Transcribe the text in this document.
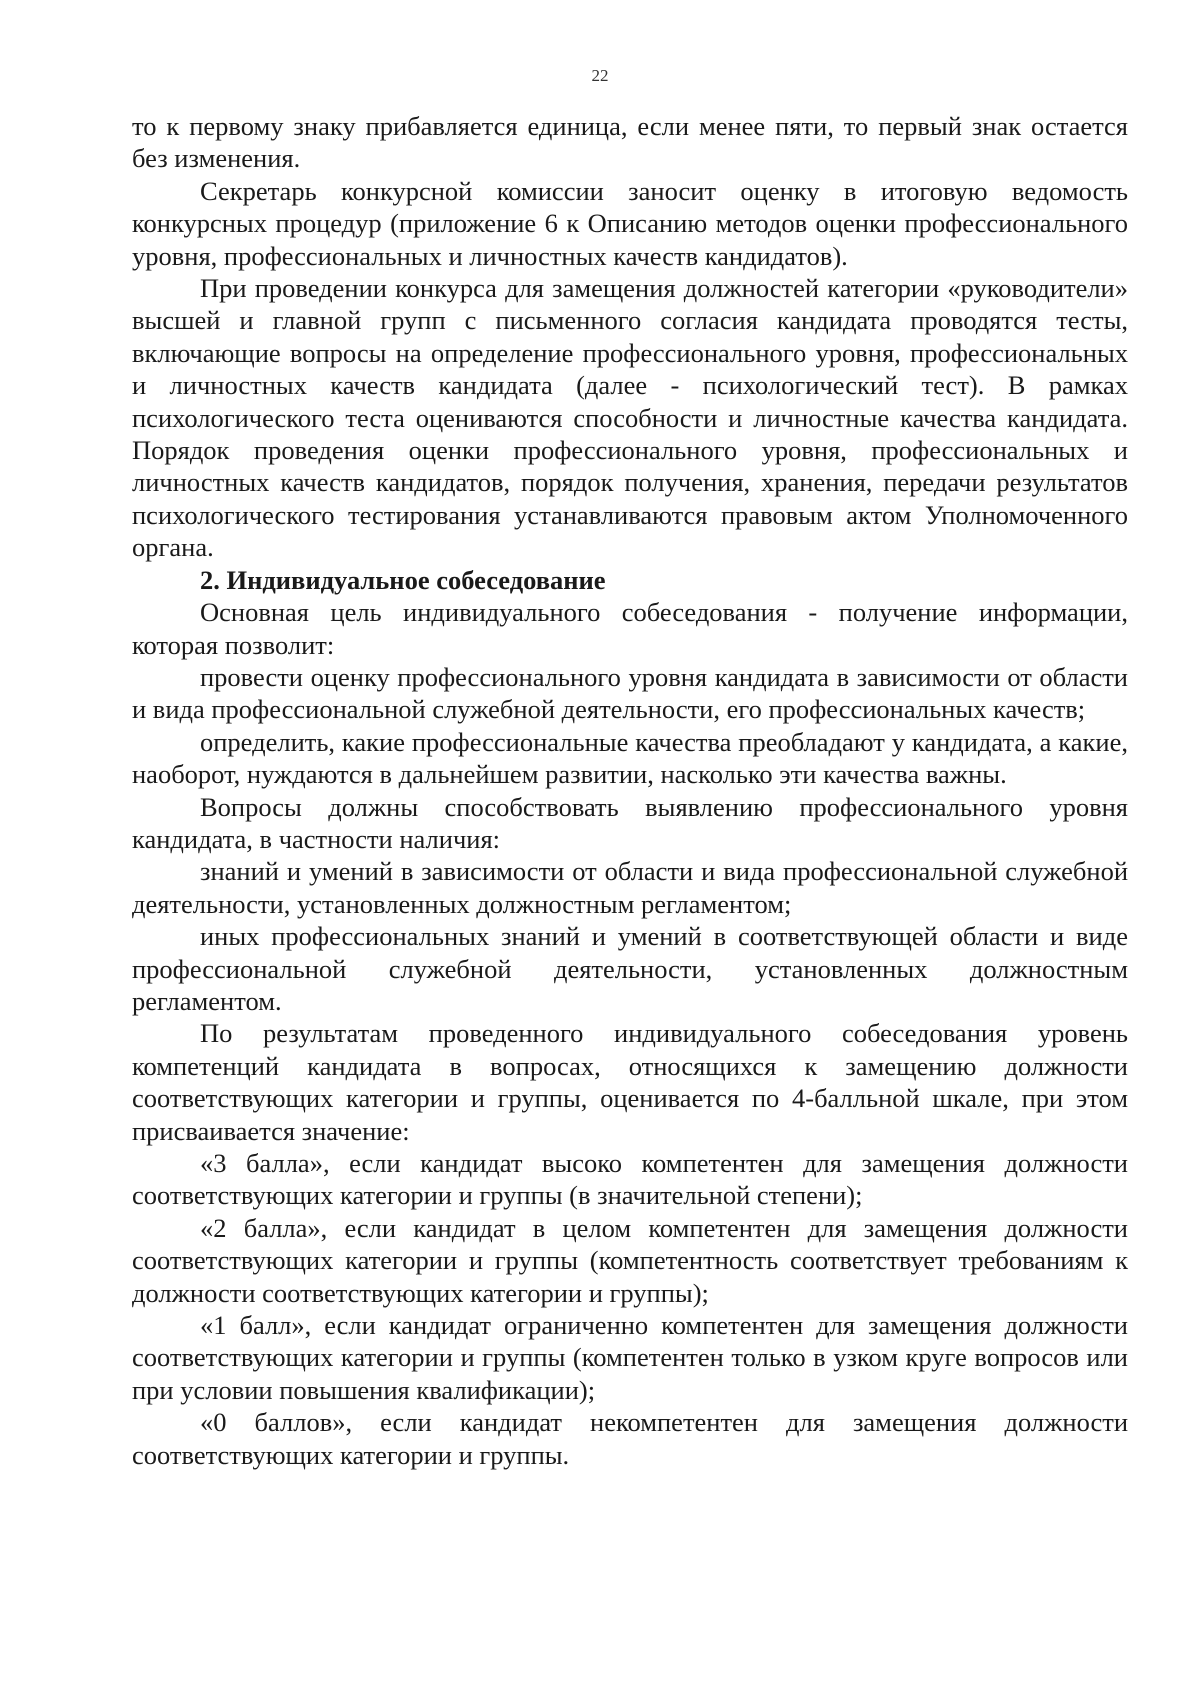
22

то к первому знаку прибавляется единица, если менее пяти, то первый знак остается без изменения.

Секретарь конкурсной комиссии заносит оценку в итоговую ведомость конкурсных процедур (приложение 6 к Описанию методов оценки профессионального уровня, профессиональных и личностных качеств кандидатов).

При проведении конкурса для замещения должностей категории «руководители» высшей и главной групп с письменного согласия кандидата проводятся тесты, включающие вопросы на определение профессионального уровня, профессиональных и личностных качеств кандидата (далее - психологический тест). В рамках психологического теста оцениваются способности и личностные качества кандидата. Порядок проведения оценки профессионального уровня, профессиональных и личностных качеств кандидатов, порядок получения, хранения, передачи результатов психологического тестирования устанавливаются правовым актом Уполномоченного органа.

2. Индивидуальное собеседование

Основная цель индивидуального собеседования - получение информации, которая позволит:

провести оценку профессионального уровня кандидата в зависимости от области и вида профессиональной служебной деятельности, его профессиональных качеств;

определить, какие профессиональные качества преобладают у кандидата, а какие, наоборот, нуждаются в дальнейшем развитии, насколько эти качества важны.

Вопросы должны способствовать выявлению профессионального уровня кандидата, в частности наличия:

знаний и умений в зависимости от области и вида профессиональной служебной деятельности, установленных должностным регламентом;

иных профессиональных знаний и умений в соответствующей области и виде профессиональной служебной деятельности, установленных должностным регламентом.

По результатам проведенного индивидуального собеседования уровень компетенций кандидата в вопросах, относящихся к замещению должности соответствующих категории и группы, оценивается по 4-балльной шкале, при этом присваивается значение:

«3 балла», если кандидат высоко компетентен для замещения должности соответствующих категории и группы (в значительной степени);

«2 балла», если кандидат в целом компетентен для замещения должности соответствующих категории и группы (компетентность соответствует требованиям к должности соответствующих категории и группы);

«1 балл», если кандидат ограниченно компетентен для замещения должности соответствующих категории и группы (компетентен только в узком круге вопросов или при условии повышения квалификации);

«0 баллов», если кандидат некомпетентен для замещения должности соответствующих категории и группы.
